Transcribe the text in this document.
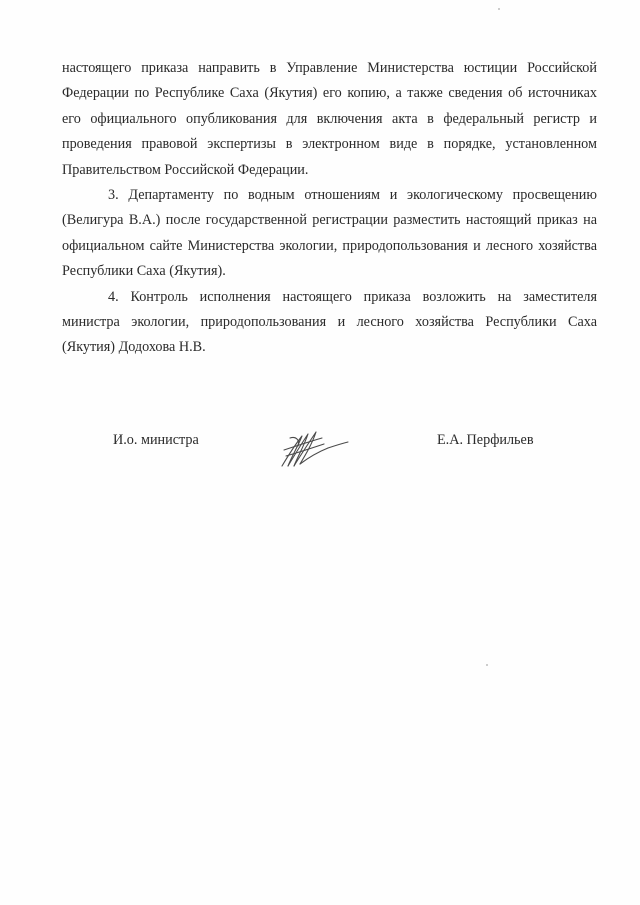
настоящего приказа направить в Управление Министерства юстиции Российской Федерации по Республике Саха (Якутия) его копию, а также сведения об источниках его официального опубликования для включения акта в федеральный регистр и проведения правовой экспертизы в электронном виде в порядке, установленном Правительством Российской Федерации.

3. Департаменту по водным отношениям и экологическому просвещению (Велигура В.А.) после государственной регистрации разместить настоящий приказ на официальном сайте Министерства экологии, природопользования и лесного хозяйства Республики Саха (Якутия).

4. Контроль исполнения настоящего приказа возложить на заместителя министра экологии, природопользования и лесного хозяйства Республики Саха (Якутия) Додохова Н.В.

И.о. министра	Е.А. Перфильев
